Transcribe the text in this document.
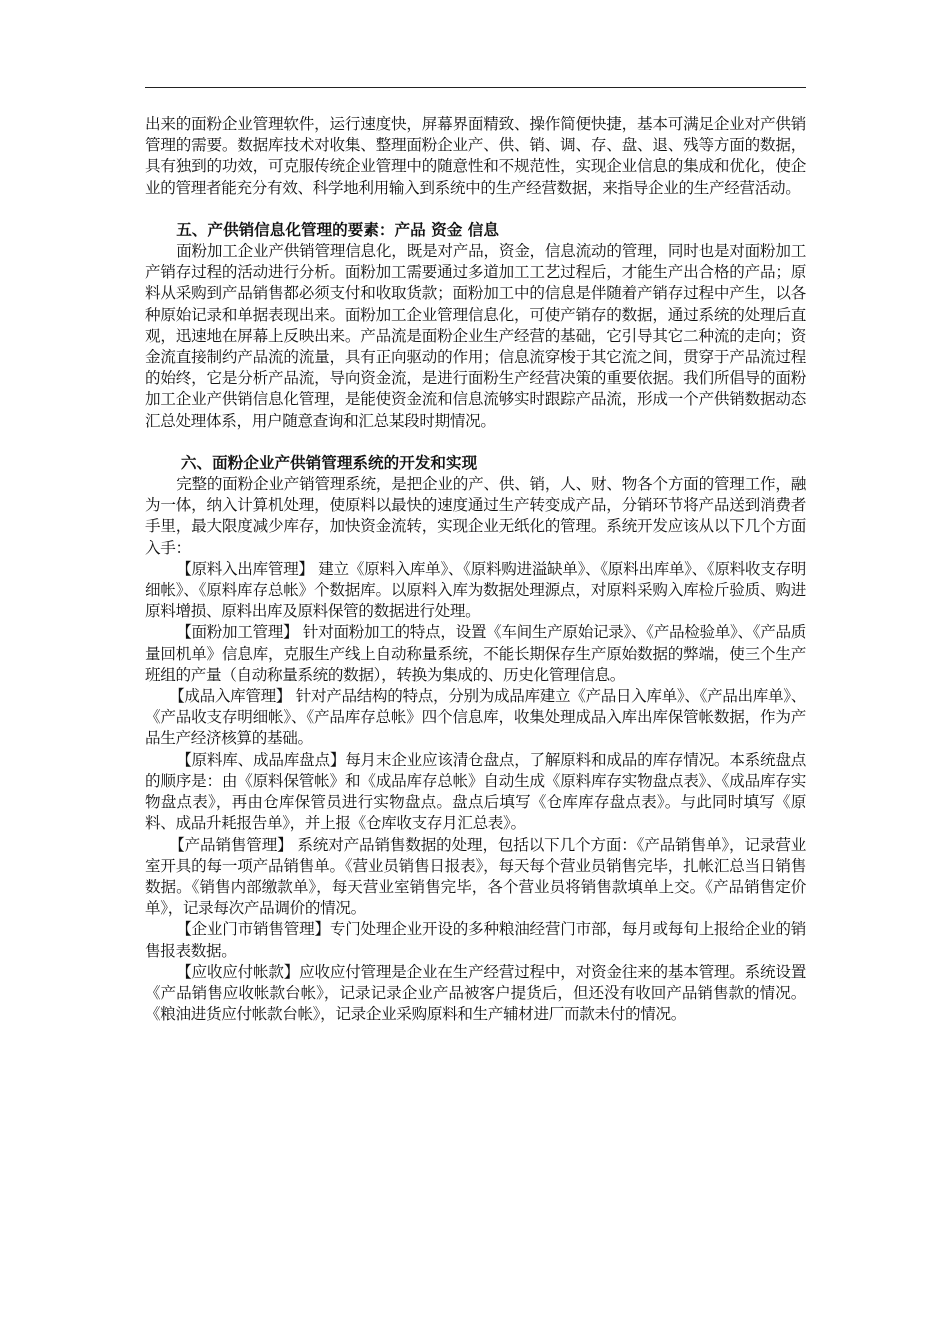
出来的面粉企业管理软件，运行速度快，屏幕界面精致、操作简便快捷，基本可满足企业对产供销管理的需要。数据库技术对收集、整理面粉企业产、供、销、调、存、盘、退、残等方面的数据，具有独到的功效，可克服传统企业管理中的随意性和不规范性，实现企业信息的集成和优化，使企业的管理者能充分有效、科学地利用输入到系统中的生产经营数据，来指导企业的生产经营活动。

五、产供销信息化管理的要素：产品 资金 信息

面粉加工企业产供销管理信息化，既是对产品，资金，信息流动的管理，同时也是对面粉加工产销存过程的活动进行分析。面粉加工需要通过多道加工工艺过程后，才能生产出合格的产品；原料从采购到产品销售都必须支付和收取货款；面粉加工中的信息是伴随着产销存过程中产生，以各种原始记录和单据表现出来。面粉加工企业管理信息化，可使产销存的数据，通过系统的处理后直观，迅速地在屏幕上反映出来。产品流是面粉企业生产经营的基础，它引导其它二种流的走向；资金流直接制约产品流的流量，具有正向驱动的作用；信息流穿梭于其它流之间，贯穿于产品流过程的始终，它是分析产品流，导向资金流，是进行面粉生产经营决策的重要依据。我们所倡导的面粉加工企业产供销信息化管理，是能使资金流和信息流够实时跟踪产品流，形成一个产供销数据动态汇总处理体系，用户随意查询和汇总某段时期情况。

六、面粉企业产供销管理系统的开发和实现

完整的面粉企业产销管理系统，是把企业的产、供、销，人、财、物各个方面的管理工作，融为一体，纳入计算机处理，使原料以最快的速度通过生产转变成产品，分销环节将产品送到消费者手里，最大限度减少库存，加快资金流转，实现企业无纸化的管理。系统开发应该从以下几个方面入手：

【原料入出库管理】 建立《原料入库单》、《原料购进溢缺单》、《原料出库单》、《原料收支存明细帐》、《原料库存总帐》个数据库。以原料入库为数据处理源点，对原料采购入库检斤验质、购进原料增损、原料出库及原料保管的数据进行处理。

【面粉加工管理】 针对面粉加工的特点，设置《车间生产原始记录》、《产品检验单》、《产品质量回机单》信息库，克服生产线上自动称量系统，不能长期保存生产原始数据的弊端，使三个生产班组的产量（自动称量系统的数据），转换为集成的、历史化管理信息。

【成品入库管理】 针对产品结构的特点，分别为成品库建立《产品日入库单》、《产品出库单》、《产品收支存明细帐》、《产品库存总帐》四个信息库，收集处理成品入库出库保管帐数据，作为产品生产经济核算的基础。

【原料库、成品库盘点】每月末企业应该清仓盘点，了解原料和成品的库存情况。本系统盘点的顺序是：由《原料保管帐》和《成品库存总帐》自动生成《原料库存实物盘点表》、《成品库存实物盘点表》，再由仓库保管员进行实物盘点。盘点后填写《仓库库存盘点表》。与此同时填写《原料、成品升耗报告单》，并上报《仓库收支存月汇总表》。

【产品销售管理】 系统对产品销售数据的处理，包括以下几个方面：《产品销售单》，记录营业室开具的每一项产品销售单。《营业员销售日报表》，每天每个营业员销售完毕，扎帐汇总当日销售数据。《销售内部缴款单》，每天营业室销售完毕，各个营业员将销售款填单上交。《产品销售定价单》，记录每次产品调价的情况。

【企业门市销售管理】专门处理企业开设的多种粮油经营门市部，每月或每旬上报给企业的销售报表数据。

【应收应付帐款】应收应付管理是企业在生产经营过程中，对资金往来的基本管理。系统设置《产品销售应收帐款台帐》，记录记录企业产品被客户提货后，但还没有收回产品销售款的情况。《粮油进货应付帐款台帐》，记录企业采购原料和生产辅材进厂而款未付的情况。
